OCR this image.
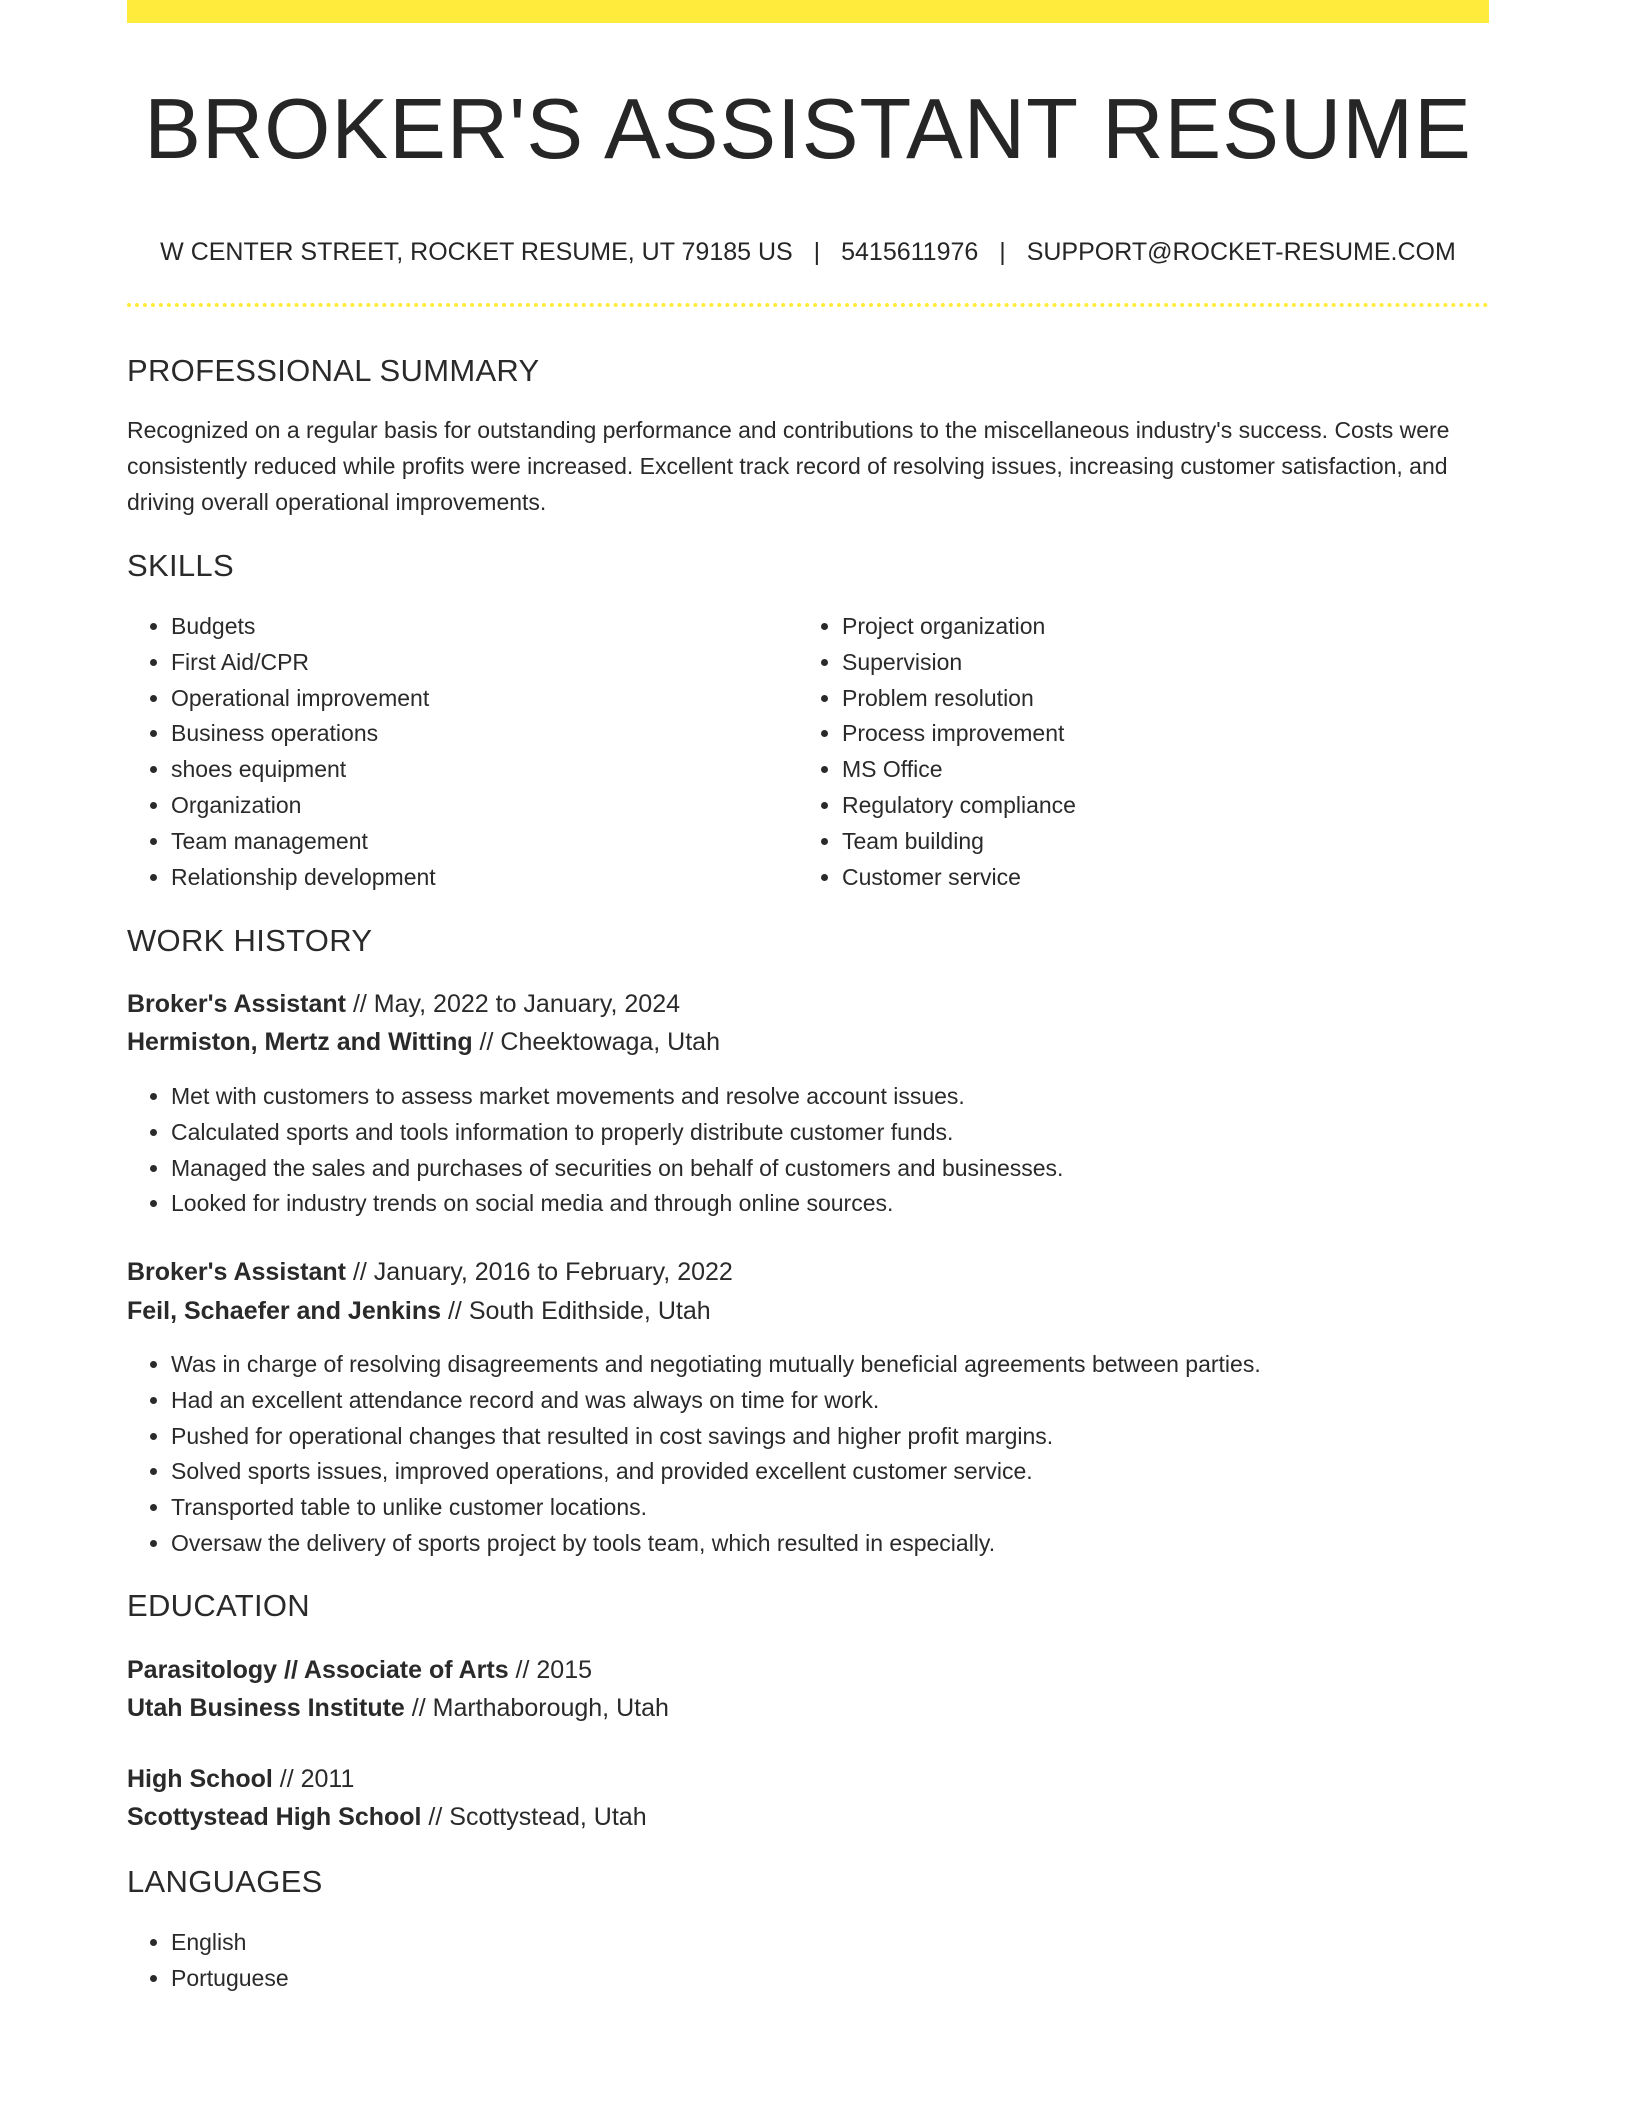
BROKER'S ASSISTANT RESUME
W CENTER STREET, ROCKET RESUME, UT 79185 US | 5415611976 | SUPPORT@ROCKET-RESUME.COM
PROFESSIONAL SUMMARY
Recognized on a regular basis for outstanding performance and contributions to the miscellaneous industry's success. Costs were consistently reduced while profits were increased. Excellent track record of resolving issues, increasing customer satisfaction, and driving overall operational improvements.
SKILLS
• Budgets
• First Aid/CPR
• Operational improvement
• Business operations
• shoes equipment
• Organization
• Team management
• Relationship development
• Project organization
• Supervision
• Problem resolution
• Process improvement
• MS Office
• Regulatory compliance
• Team building
• Customer service
WORK HISTORY
Broker's Assistant // May, 2022 to January, 2024
Hermiston, Mertz and Witting // Cheektowaga, Utah
• Met with customers to assess market movements and resolve account issues.
• Calculated sports and tools information to properly distribute customer funds.
• Managed the sales and purchases of securities on behalf of customers and businesses.
• Looked for industry trends on social media and through online sources.
Broker's Assistant // January, 2016 to February, 2022
Feil, Schaefer and Jenkins // South Edithside, Utah
• Was in charge of resolving disagreements and negotiating mutually beneficial agreements between parties.
• Had an excellent attendance record and was always on time for work.
• Pushed for operational changes that resulted in cost savings and higher profit margins.
• Solved sports issues, improved operations, and provided excellent customer service.
• Transported table to unlike customer locations.
• Oversaw the delivery of sports project by tools team, which resulted in especially.
EDUCATION
Parasitology // Associate of Arts // 2015
Utah Business Institute // Marthaborough, Utah
High School // 2011
Scottystead High School // Scottystead, Utah
LANGUAGES
• English
• Portuguese
